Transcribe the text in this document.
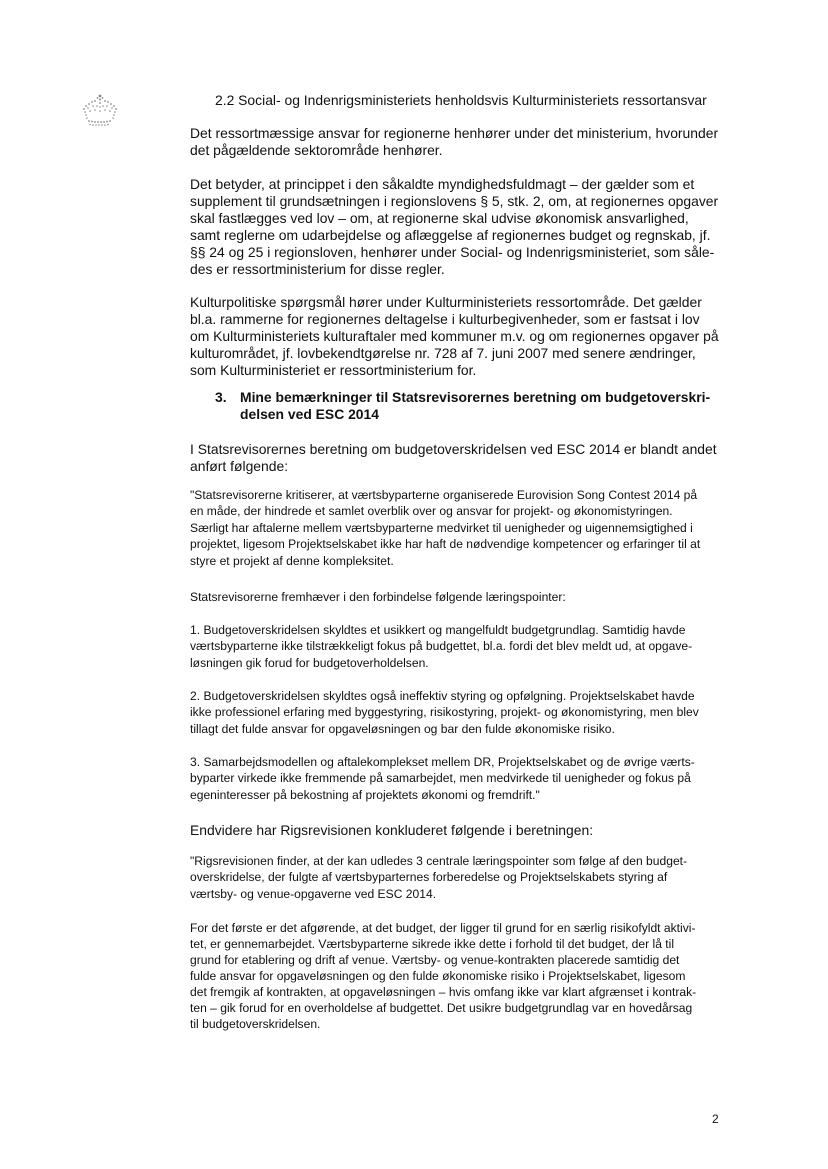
2.2 Social- og Indenrigsministeriets henholdsvis Kulturministeriets ressortansvar

Det ressortmæssige ansvar for regionerne henhører under det ministerium, hvorunder
det pågældende sektorområde henhører.

Det betyder, at princippet i den såkaldte myndighedsfuldmagt – der gælder som et
supplement til grundsætningen i regionslovens § 5, stk. 2, om, at regionernes opgaver
skal fastlægges ved lov – om, at regionerne skal udvise økonomisk ansvarlighed,
samt reglerne om udarbejdelse og aflæggelse af regionernes budget og regnskab, jf.
§§ 24 og 25 i regionsloven, henhører under Social- og Indenrigsministeriet, som såle-
des er ressortministerium for disse regler.

Kulturpolitiske spørgsmål hører under Kulturministeriets ressortområde. Det gælder
bl.a. rammerne for regionernes deltagelse i kulturbegivenheder, som er fastsat i lov
om Kulturministeriets kulturaftaler med kommuner m.v. og om regionernes opgaver på
kulturområdet, jf. lovbekendtgørelse nr. 728 af 7. juni 2007 med senere ændringer,
som Kulturministeriet er ressortministerium for.

3. Mine bemærkninger til Statsrevisorernes beretning om budgetoverskri-
delsen ved ESC 2014

I Statsrevisorernes beretning om budgetoverskridelsen ved ESC 2014 er blandt andet
anført følgende:

"Statsrevisorerne kritiserer, at værtsbyparterne organiserede Eurovision Song Contest 2014 på
en måde, der hindrede et samlet overblik over og ansvar for projekt- og økonomistyringen.
Særligt har aftalerne mellem værtsbyparterne medvirket til uenigheder og uigennemsigtighed i
projektet, ligesom Projektselskabet ikke har haft de nødvendige kompetencer og erfaringer til at
styre et projekt af denne kompleksitet.

Statsrevisorerne fremhæver i den forbindelse følgende læringspointer:

1. Budgetoverskridelsen skyldtes et usikkert og mangelfuldt budgetgrundlag. Samtidig havde
værtsbyparterne ikke tilstrækkeligt fokus på budgettet, bl.a. fordi det blev meldt ud, at opgave-
løsningen gik forud for budgetoverholdelsen.

2. Budgetoverskridelsen skyldtes også ineffektiv styring og opfølgning. Projektselskabet havde
ikke professionel erfaring med byggestyring, risikostyring, projekt- og økonomistyring, men blev
tillagt det fulde ansvar for opgaveløsningen og bar den fulde økonomiske risiko.

3. Samarbejdsmodellen og aftalekomplekset mellem DR, Projektselskabet og de øvrige værts-
byparter virkede ikke fremmende på samarbejdet, men medvirkede til uenigheder og fokus på
egeninteresser på bekostning af projektets økonomi og fremdrift."

Endvidere har Rigsrevisionen konkluderet følgende i beretningen:

"Rigsrevisionen finder, at der kan udledes 3 centrale læringspointer som følge af den budget-
overskridelse, der fulgte af værtsbyparternes forberedelse og Projektselskabets styring af
værtsby- og venue-opgaverne ved ESC 2014.

For det første er det afgørende, at det budget, der ligger til grund for en særlig risikofyldt aktivi-
tet, er gennemarbejdet. Værtsbyparterne sikrede ikke dette i forhold til det budget, der lå til
grund for etablering og drift af venue. Værtsby- og venue-kontrakten placerede samtidig det
fulde ansvar for opgaveløsningen og den fulde økonomiske risiko i Projektselskabet, ligesom
det fremgik af kontrakten, at opgaveløsningen – hvis omfang ikke var klart afgrænset i kontrak-
ten – gik forud for en overholdelse af budgettet. Det usikre budgetgrundlag var en hovedårsag
til budgetoverskridelsen.

2
